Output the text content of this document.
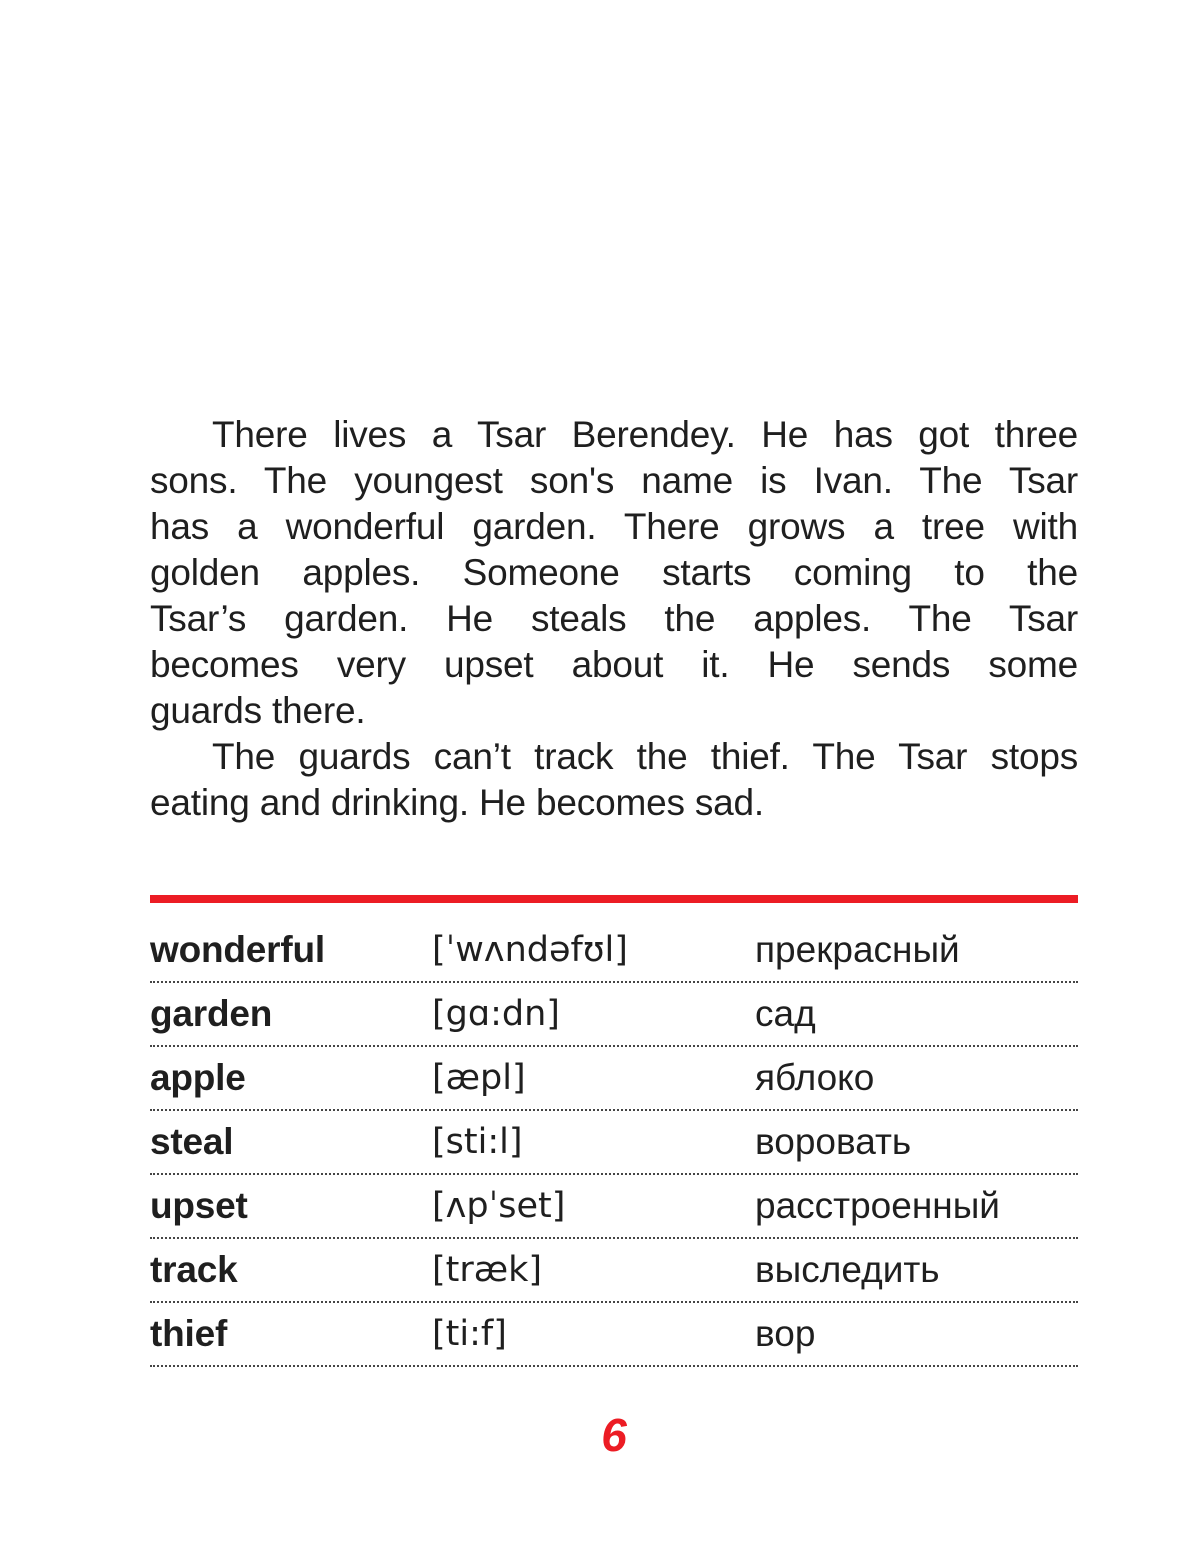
There lives a Tsar Berendey. He has got three
sons. The youngest son's name is Ivan. The Tsar
has a wonderful garden. There grows a tree with
golden apples. Someone starts coming to the
Tsar’s garden. He steals the apples. The Tsar
becomes very upset about it. He sends some
guards there.
The guards can’t track the thief. The Tsar stops
eating and drinking. He becomes sad.
wonderful	[ˈwʌndəfʊl]	прекрасный
garden	[gɑ:dn]	сад
apple	[æpl]	яблоко
steal	[sti:l]	воровать
upset	[ʌpˈset]	расстроенный
track	[træk]	выследить
thief	[ti:f]	вор
6
